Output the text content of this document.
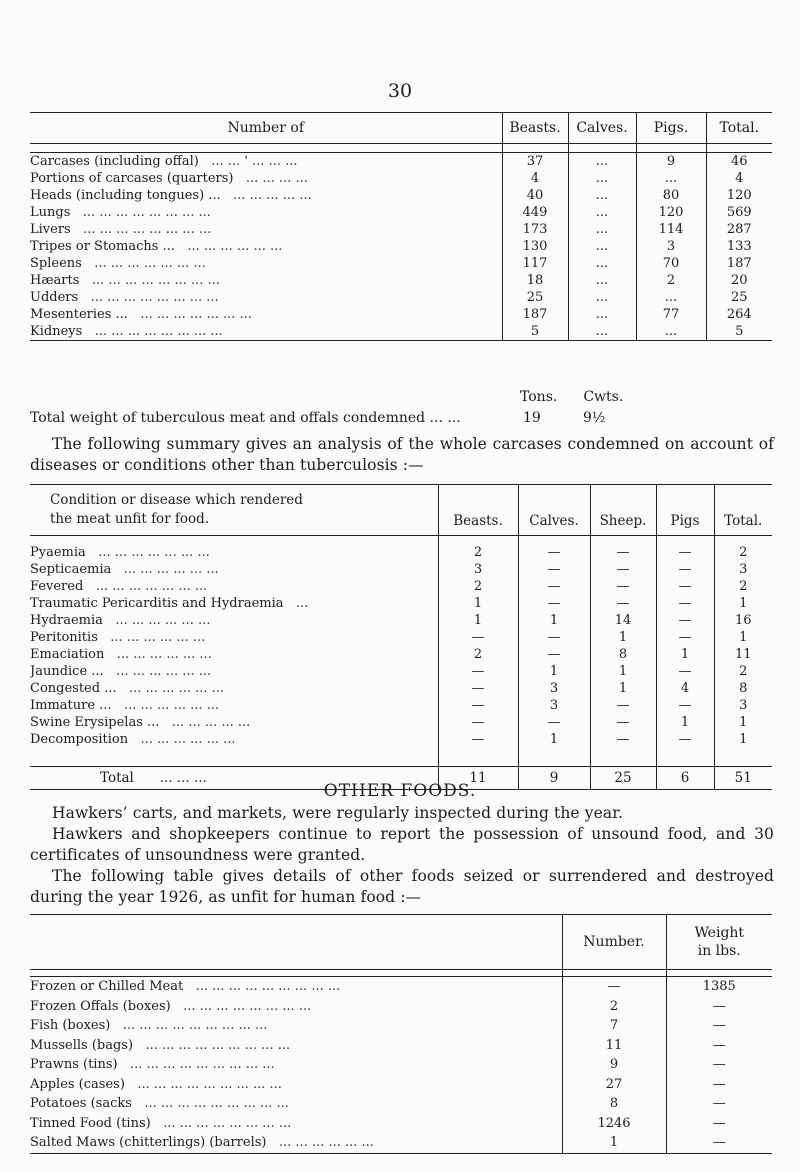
30
Number of	Beasts.	Calves.	Pigs.	Total.

Carcases (including offal) ... ... ' ... ... ...	37	...	9	46
Portions of carcases (quarters) ... ... ... ...	4	...	...	4
Heads (including tongues) ... ... ... ... ... ...	40	...	80	120
Lungs ... ... ... ... ... ... ... ...	449	...	120	569
Livers ... ... ... ... ... ... ... ...	173	...	114	287
Tripes or Stomachs ... ... ... ... ... ... ...	130	...	3	133
Spleens ... ... ... ... ... ... ...	117	...	70	187
Hæarts ... ... ... ... ... ... ... ...	18	...	2	20
Udders ... ... ... ... ... ... ... ...	25	...	...	25
Mesenteries ... ... ... ... ... ... ... ...	187	...	77	264
Kidneys ... ... ... ... ... ... ... ...	5	...	...	5
Tons. Cwts.
Total weight of tuberculous meat and offals condemned ... ...	19	9½
The following summary gives an analysis of the whole carcases condemned on account of diseases or conditions other than tuberculosis :—
Condition or disease which rendered
the meat unfit for food.	Beasts.	Calves.	Sheep.	Pigs	Total.

Pyaemia ... ... ... ... ... ... ...	2	—	—	—	2
Septicaemia ... ... ... ... ... ...	3	—	—	—	3
Fevered ... ... ... ... ... ... ...	2	—	—	—	2
Traumatic Pericarditis and Hydraemia ...	1	—	—	—	1
Hydraemia ... ... ... ... ... ...	1	1	14	—	16
Peritonitis ... ... ... ... ... ...	—	—	1	—	1
Emaciation ... ... ... ... ... ...	2	—	8	1	11
Jaundice ... ... ... ... ... ... ...	—	1	1	—	2
Congested ... ... ... ... ... ... ...	—	3	1	4	8
Immature ... ... ... ... ... ... ...	—	3	—	—	3
Swine Erysipelas ... ... ... ... ... ...	—	—	—	1	1
Decomposition ... ... ... ... ... ...	—	1	—	—	1

Total ... ... ...	11	9	25	6	51
OTHER FOODS.
Hawkers’ carts, and markets, were regularly inspected during the year.
Hawkers and shopkeepers continue to report the possession of unsound food, and 30 certificates of unsoundness were granted.
The following table gives details of other foods seized or surrendered and destroyed during the year 1926, as unfit for human food :—
	Number.	Weight
in lbs.

Frozen or Chilled Meat ... ... ... ... ... ... ... ... ...	—	1385
Frozen Offals (boxes) ... ... ... ... ... ... ... ...	2	—
Fish (boxes) ... ... ... ... ... ... ... ... ...	7	—
Mussells (bags) ... ... ... ... ... ... ... ... ...	11	—
Prawns (tins) ... ... ... ... ... ... ... ... ...	9	—
Apples (cases) ... ... ... ... ... ... ... ... ...	27	—
Potatoes (sacks ... ... ... ... ... ... ... ... ...	8	—
Tinned Food (tins) ... ... ... ... ... ... ... ...	1246	—
Salted Maws (chitterlings) (barrels) ... ... ... ... ... ...	1	—
